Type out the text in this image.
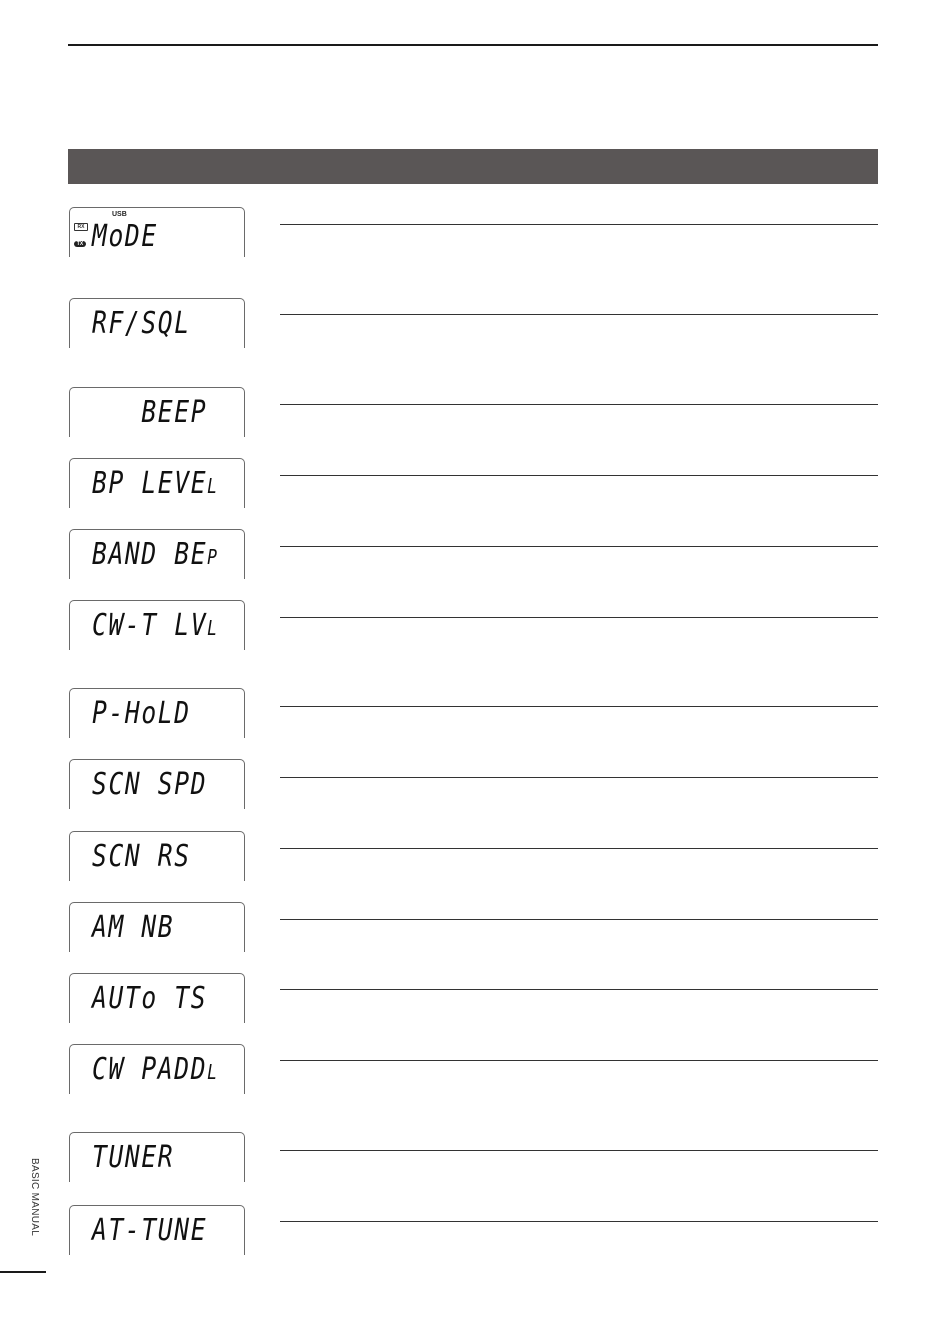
USB
RX
TX MoDE
RF/SQL
BEEP
BP LEVEL
BAND BEP
CW-T LVL
P-HoLD
SCN SPD
SCN RS
AM NB
AUTo TS
CW PADDL
TUNER
AT-TUNE
BASIC MANUAL
